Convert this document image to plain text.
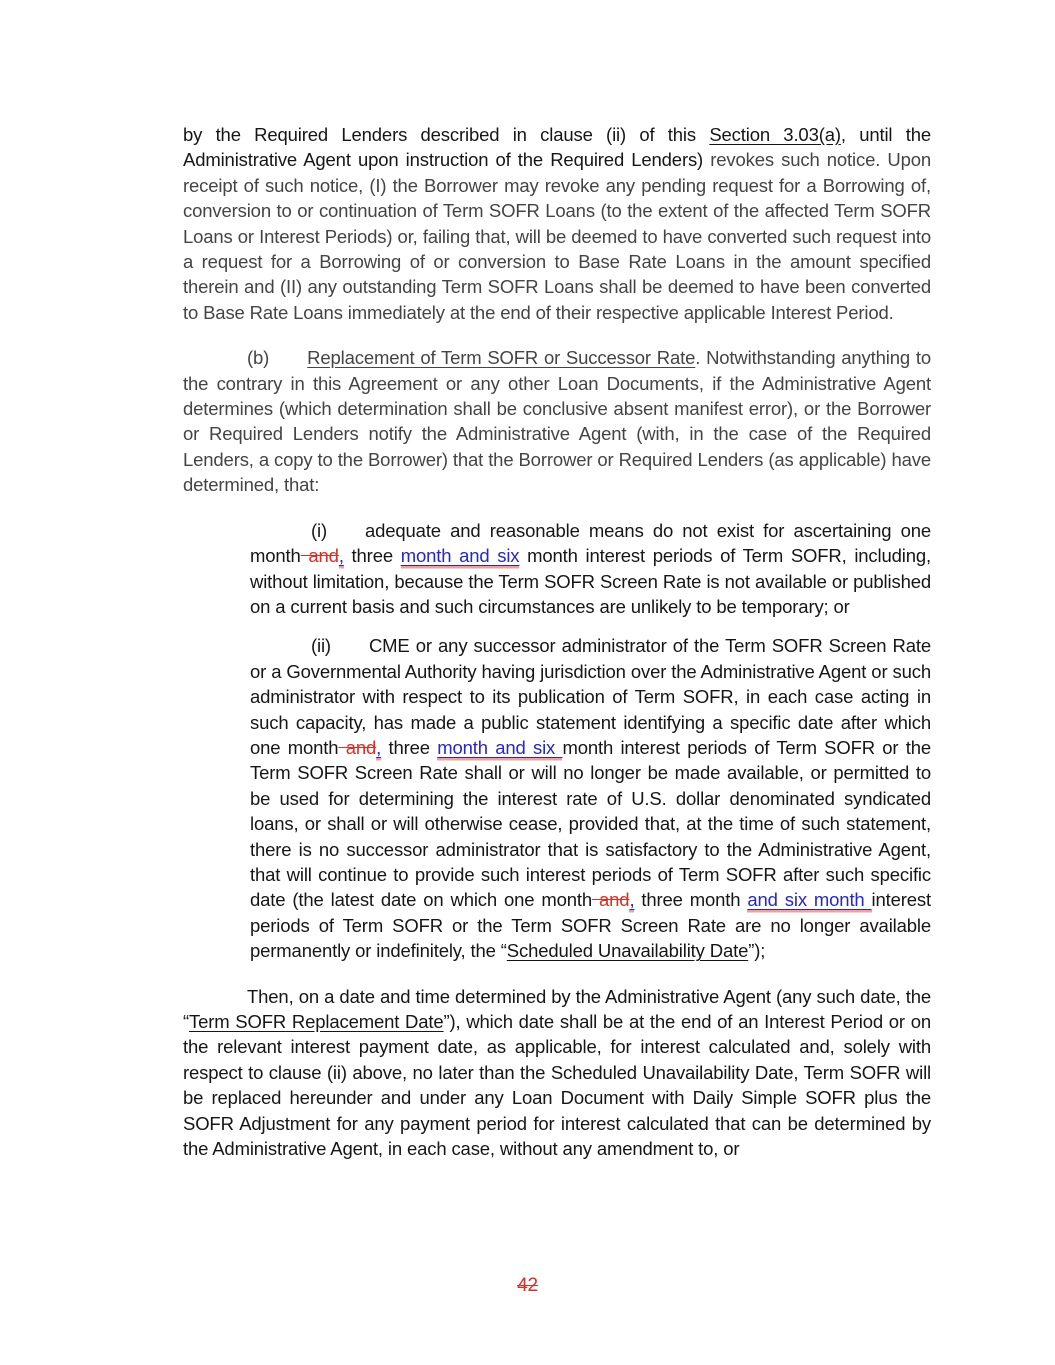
by the Required Lenders described in clause (ii) of this Section 3.03(a), until the Administrative Agent upon instruction of the Required Lenders) revokes such notice. Upon receipt of such notice, (I) the Borrower may revoke any pending request for a Borrowing of, conversion to or continuation of Term SOFR Loans (to the extent of the affected Term SOFR Loans or Interest Periods) or, failing that, will be deemed to have converted such request into a request for a Borrowing of or conversion to Base Rate Loans in the amount specified therein and (II) any outstanding Term SOFR Loans shall be deemed to have been converted to Base Rate Loans immediately at the end of their respective applicable Interest Period.

(b) Replacement of Term SOFR or Successor Rate. Notwithstanding anything to the contrary in this Agreement or any other Loan Documents, if the Administrative Agent determines (which determination shall be conclusive absent manifest error), or the Borrower or Required Lenders notify the Administrative Agent (with, in the case of the Required Lenders, a copy to the Borrower) that the Borrower or Required Lenders (as applicable) have determined, that:

(i) adequate and reasonable means do not exist for ascertaining one month and, three month and six month interest periods of Term SOFR, including, without limitation, because the Term SOFR Screen Rate is not available or published on a current basis and such circumstances are unlikely to be temporary; or

(ii) CME or any successor administrator of the Term SOFR Screen Rate or a Governmental Authority having jurisdiction over the Administrative Agent or such administrator with respect to its publication of Term SOFR, in each case acting in such capacity, has made a public statement identifying a specific date after which one month and, three month and six month interest periods of Term SOFR or the Term SOFR Screen Rate shall or will no longer be made available, or permitted to be used for determining the interest rate of U.S. dollar denominated syndicated loans, or shall or will otherwise cease, provided that, at the time of such statement, there is no successor administrator that is satisfactory to the Administrative Agent, that will continue to provide such interest periods of Term SOFR after such specific date (the latest date on which one month and, three month and six month interest periods of Term SOFR or the Term SOFR Screen Rate are no longer available permanently or indefinitely, the “Scheduled Unavailability Date”);

Then, on a date and time determined by the Administrative Agent (any such date, the “Term SOFR Replacement Date”), which date shall be at the end of an Interest Period or on the relevant interest payment date, as applicable, for interest calculated and, solely with respect to clause (ii) above, no later than the Scheduled Unavailability Date, Term SOFR will be replaced hereunder and under any Loan Document with Daily Simple SOFR plus the SOFR Adjustment for any payment period for interest calculated that can be determined by the Administrative Agent, in each case, without any amendment to, or

42
